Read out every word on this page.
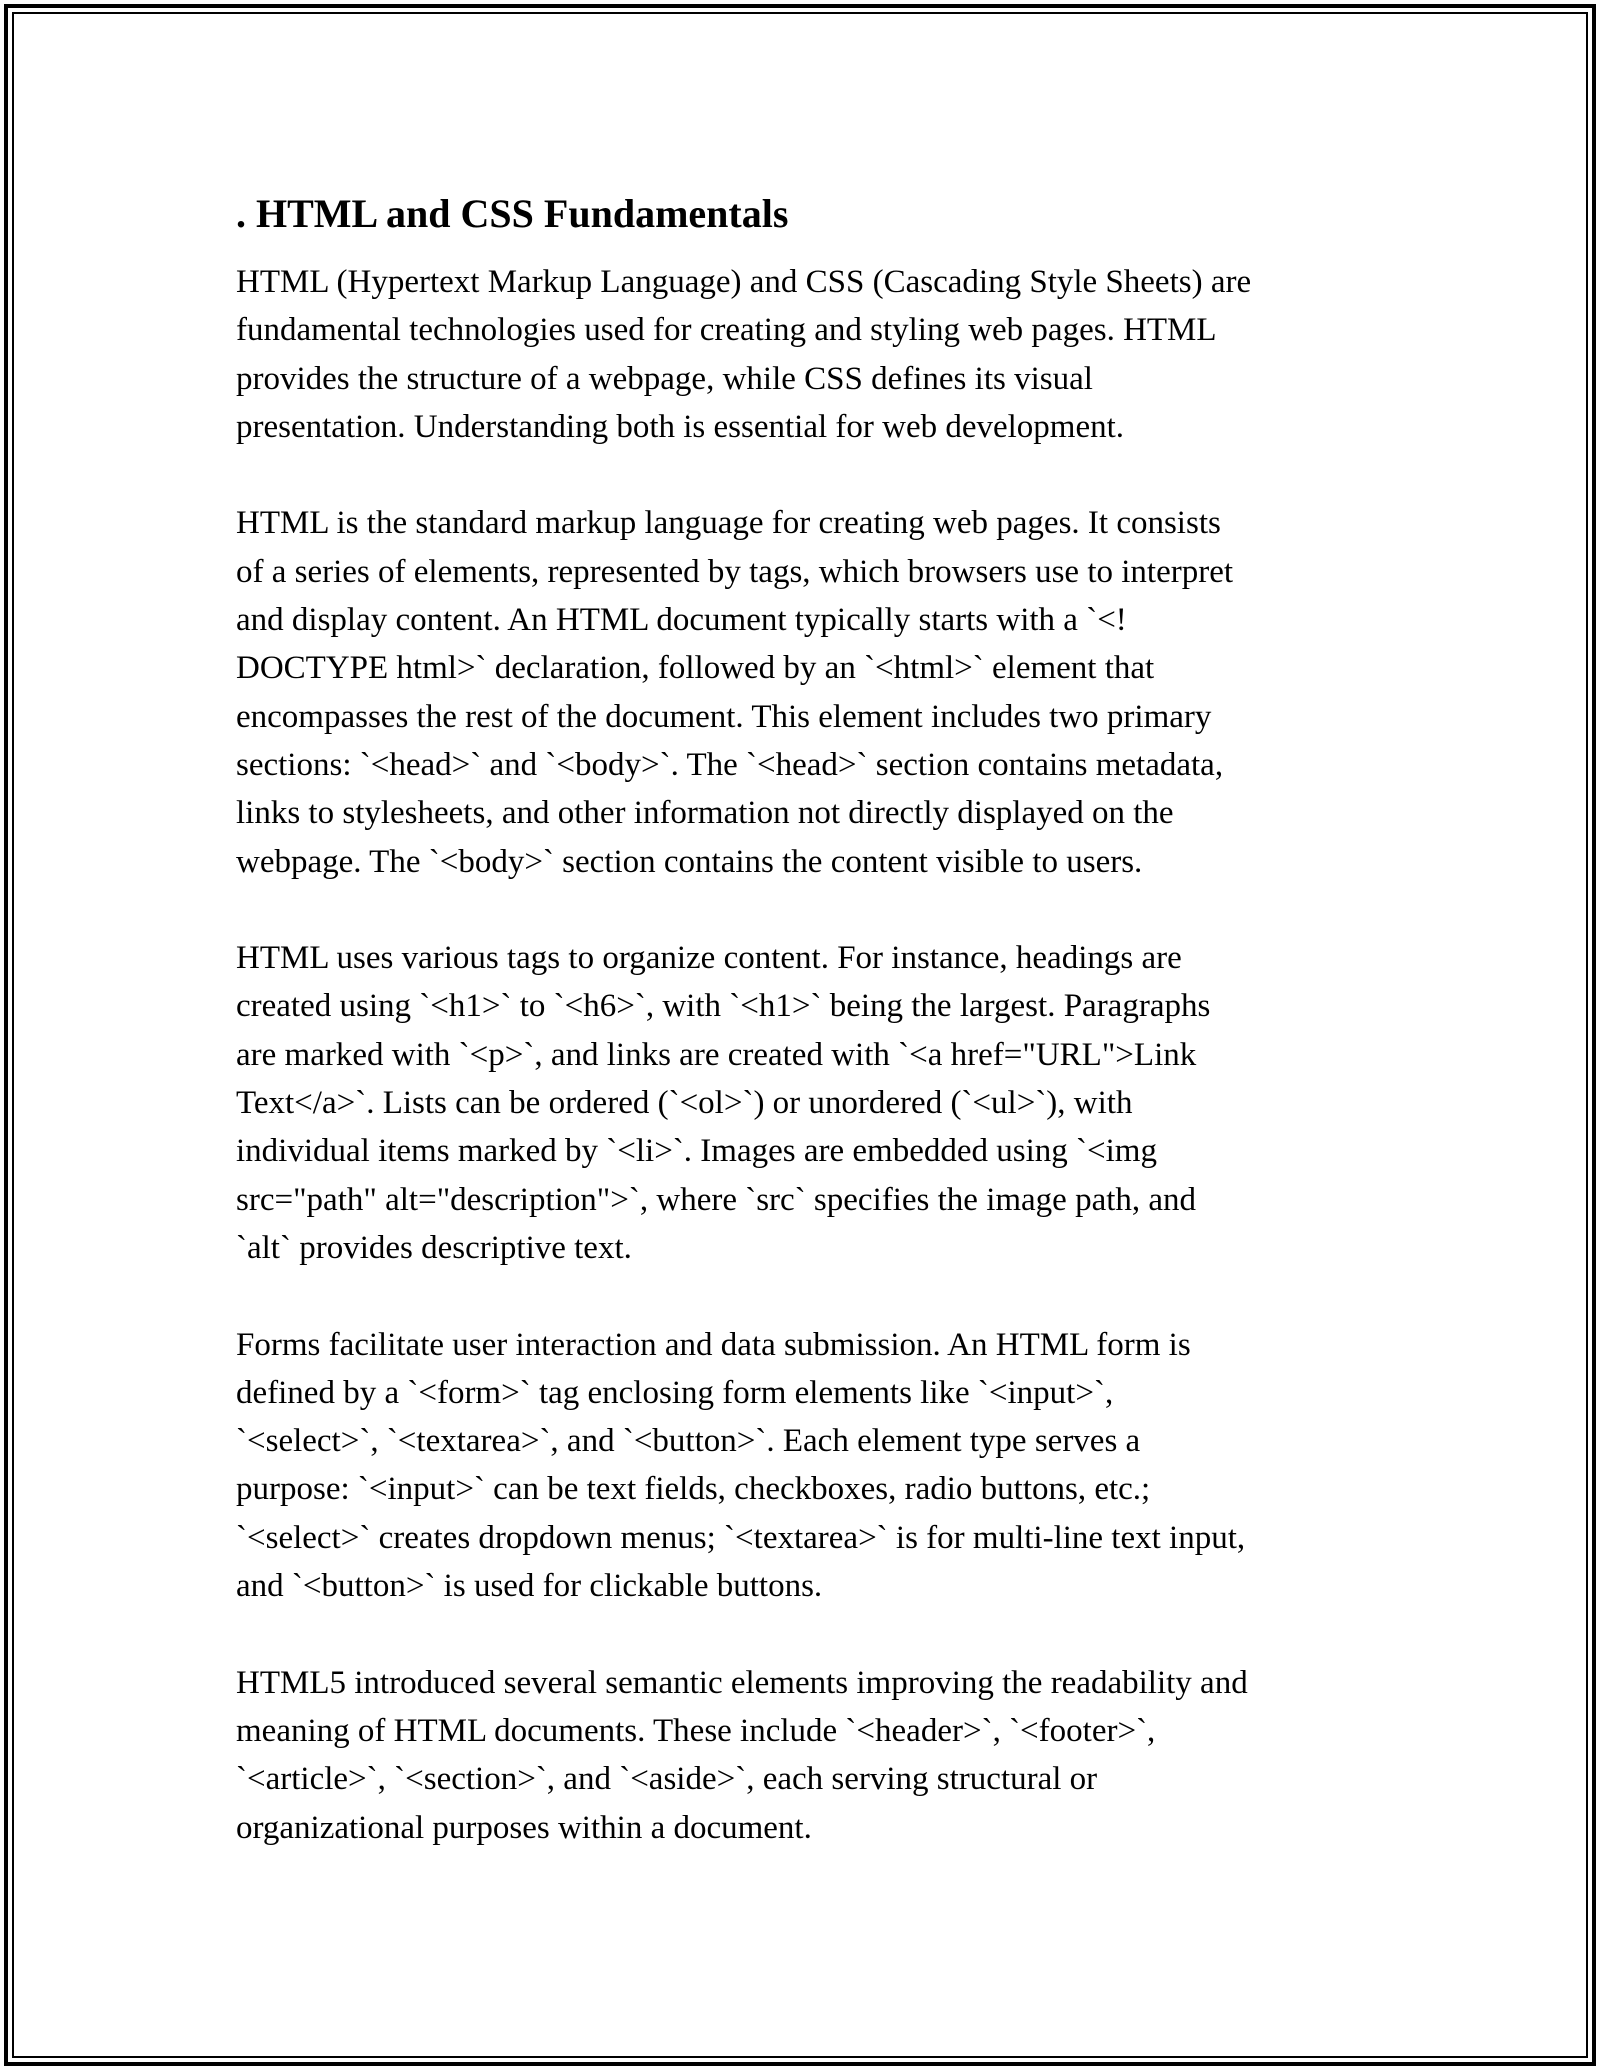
. HTML and CSS Fundamentals

HTML (Hypertext Markup Language) and CSS (Cascading Style Sheets) are
fundamental technologies used for creating and styling web pages. HTML
provides the structure of a webpage, while CSS defines its visual
presentation. Understanding both is essential for web development.

HTML is the standard markup language for creating web pages. It consists
of a series of elements, represented by tags, which browsers use to interpret
and display content. An HTML document typically starts with a `<!
DOCTYPE html>` declaration, followed by an `<html>` element that
encompasses the rest of the document. This element includes two primary
sections: `<head>` and `<body>`. The `<head>` section contains metadata,
links to stylesheets, and other information not directly displayed on the
webpage. The `<body>` section contains the content visible to users.

HTML uses various tags to organize content. For instance, headings are
created using `<h1>` to `<h6>`, with `<h1>` being the largest. Paragraphs
are marked with `<p>`, and links are created with `<a href="URL">Link
Text</a>`. Lists can be ordered (`<ol>`) or unordered (`<ul>`), with
individual items marked by `<li>`. Images are embedded using `<img
src="path" alt="description">`, where `src` specifies the image path, and
`alt` provides descriptive text.

Forms facilitate user interaction and data submission. An HTML form is
defined by a `<form>` tag enclosing form elements like `<input>`,
`<select>`, `<textarea>`, and `<button>`. Each element type serves a
purpose: `<input>` can be text fields, checkboxes, radio buttons, etc.;
`<select>` creates dropdown menus; `<textarea>` is for multi-line text input,
and `<button>` is used for clickable buttons.

HTML5 introduced several semantic elements improving the readability and
meaning of HTML documents. These include `<header>`, `<footer>`,
`<article>`, `<section>`, and `<aside>`, each serving structural or
organizational purposes within a document.
